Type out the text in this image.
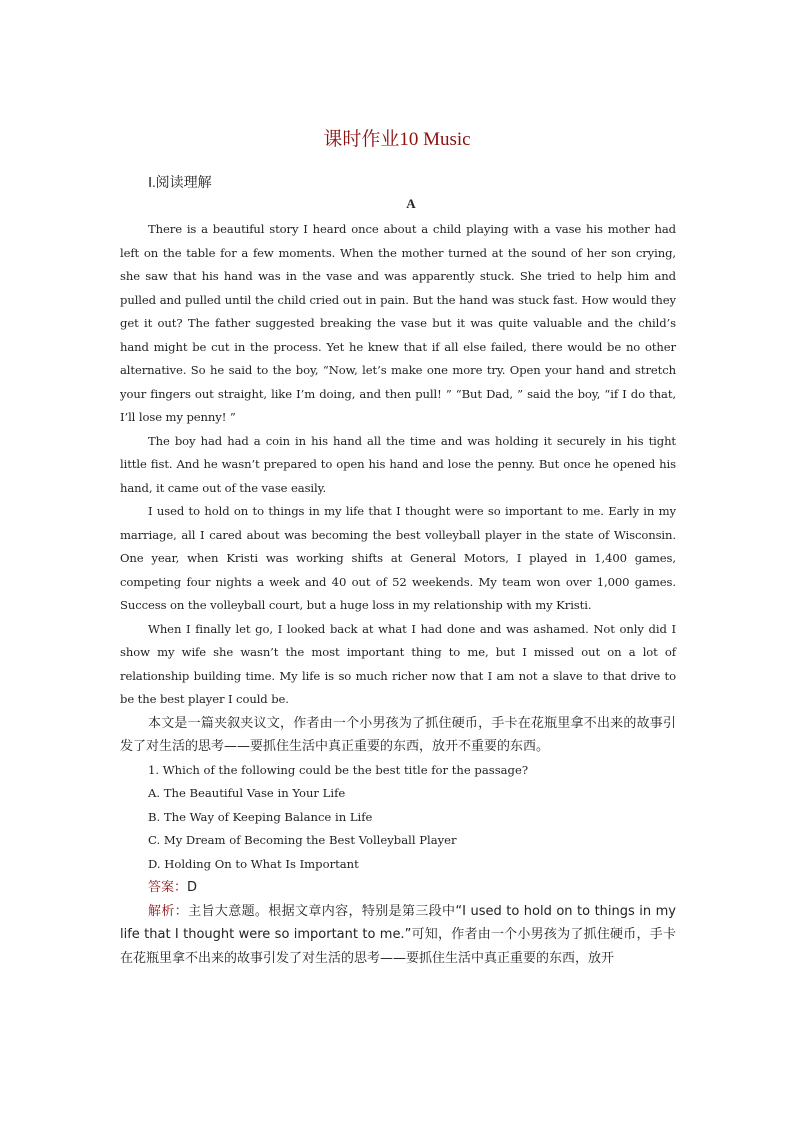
课时作业10 Music
Ⅰ.阅读理解
A

There is a beautiful story I heard once about a child playing with a vase his mother had left on the table for a few moments. When the mother turned at the sound of her son crying, she saw that his hand was in the vase and was apparently stuck. She tried to help him and pulled and pulled until the child cried out in pain. But the hand was stuck fast. How would they get it out? The father suggested breaking the vase but it was quite valuable and the child’s hand might be cut in the process. Yet he knew that if all else failed, there would be no other alternative. So he said to the boy, “Now, let’s make one more try. Open your hand and stretch your fingers out straight, like I’m doing, and then pull! ” “But Dad, ” said the boy, “if I do that, I’ll lose my penny! ”

The boy had had a coin in his hand all the time and was holding it securely in his tight little fist. And he wasn’t prepared to open his hand and lose the penny. But once he opened his hand, it came out of the vase easily.

I used to hold on to things in my life that I thought were so important to me. Early in my marriage, all I cared about was becoming the best volleyball player in the state of Wisconsin. One year, when Kristi was working shifts at General Motors, I played in 1,400 games, competing four nights a week and 40 out of 52 weekends. My team won over 1,000 games. Success on the volleyball court, but a huge loss in my relationship with my Kristi.

When I finally let go, I looked back at what I had done and was ashamed. Not only did I show my wife she wasn’t the most important thing to me, but I missed out on a lot of relationship building time. My life is so much richer now that I am not a slave to that drive to be the best player I could be.

本文是一篇夹叙夹议文，作者由一个小男孩为了抓住硬币，手卡在花瓶里拿不出来的故事引发了对生活的思考——要抓住生活中真正重要的东西，放开不重要的东西。

1. Which of the following could be the best title for the passage?

A. The Beautiful Vase in Your Life

B. The Way of Keeping Balance in Life

C. My Dream of Becoming the Best Volleyball Player

D. Holding On to What Is Important

答案：D

解析：主旨大意题。根据文章内容，特别是第三段中“I used to hold on to things in my life that I thought were so important to me.”可知，作者由一个小男孩为了抓住硬币，手卡在花瓶里拿不出来的故事引发了对生活的思考——要抓住生活中真正重要的东西，放开
